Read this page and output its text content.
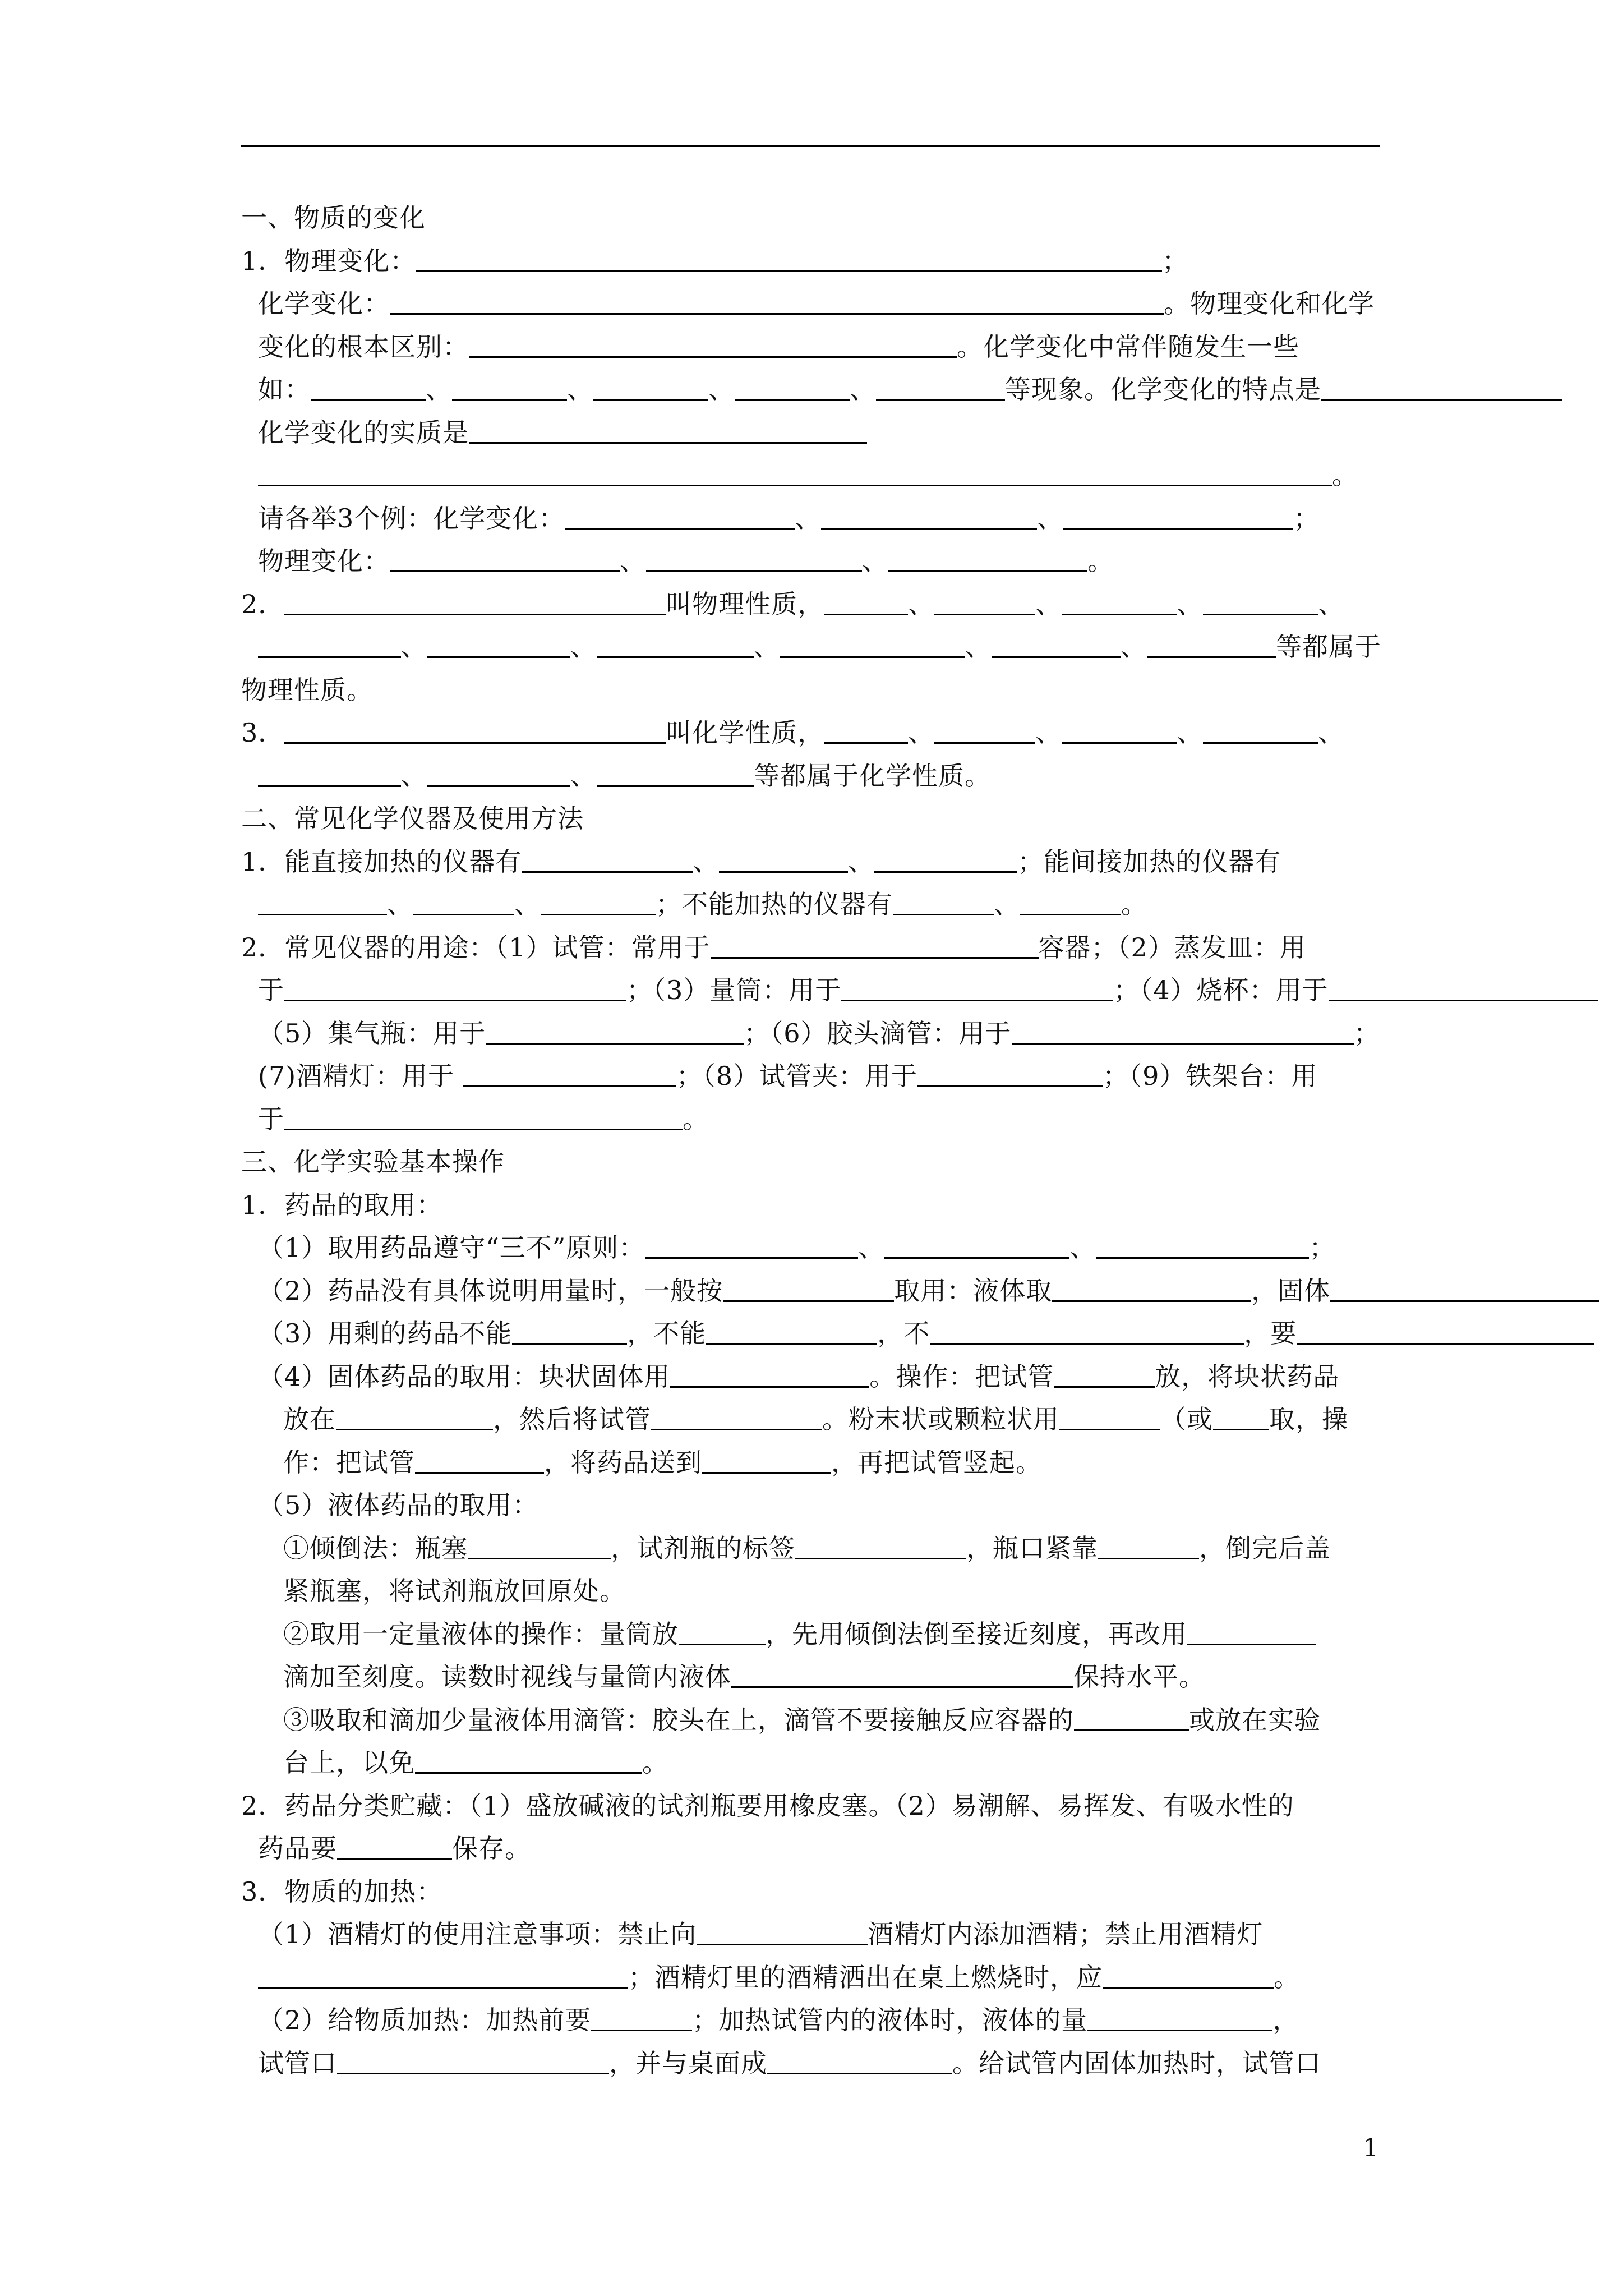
一、物质的变化
1．物理变化：	；
化学变化：	。物理变化和化学
变化的根本区别：	。化学变化中常伴随发生一些
如：	、	、	、	、	等现象。化学变化的特点是
化学变化的实质是
。
请各举3个例：化学变化：	、	、	；
物理变化：	、	、	。
2．	叫物理性质，	、	、	、	、
、	、	、	、	、	等都属于
物理性质。
3．	叫化学性质，	、	、	、	、
、	、	等都属于化学性质。
二、常见化学仪器及使用方法
1．能直接加热的仪器有	、	、	；能间接加热的仪器有
、	、	；不能加热的仪器有	、	。
2．常见仪器的用途：（1）试管：常用于	容器；（2）蒸发皿：用
于	；（3）量筒：用于	；（4）烧杯：用于
（5）集气瓶：用于	；（6）胶头滴管：用于	；
(7)酒精灯：用于	；（8）试管夹：用于	；（9）铁架台：用
于	。
三、化学实验基本操作
1．药品的取用：
（1）取用药品遵守“三不”原则：	、	、	；
（2）药品没有具体说明用量时，一般按	取用：液体取	，固体
（3）用剩的药品不能	，不能	，不	，要
（4）固体药品的取用：块状固体用	。操作：把试管	放，将块状药品
放在	，然后将试管	。粉末状或颗粒状用	（或 取，操
作：把试管	，将药品送到	，再把试管竖起。
（5）液体药品的取用：
①倾倒法：瓶塞	，试剂瓶的标签	，瓶口紧靠	，倒完后盖
紧瓶塞，将试剂瓶放回原处。
②取用一定量液体的操作：量筒放	，先用倾倒法倒至接近刻度，再改用
滴加至刻度。读数时视线与量筒内液体	保持水平。
③吸取和滴加少量液体用滴管：胶头在上，滴管不要接触反应容器的	或放在实验
台上，以免	。
2．药品分类贮藏：（1）盛放碱液的试剂瓶要用橡皮塞。（2）易潮解、易挥发、有吸水性的
药品要	保存。
3．物质的加热：
（1）酒精灯的使用注意事项：禁止向	酒精灯内添加酒精；禁止用酒精灯
；酒精灯里的酒精洒出在桌上燃烧时，应	。
（2）给物质加热：加热前要	；加热试管内的液体时，液体的量	，
试管口	，并与桌面成	。给试管内固体加热时，试管口
1
